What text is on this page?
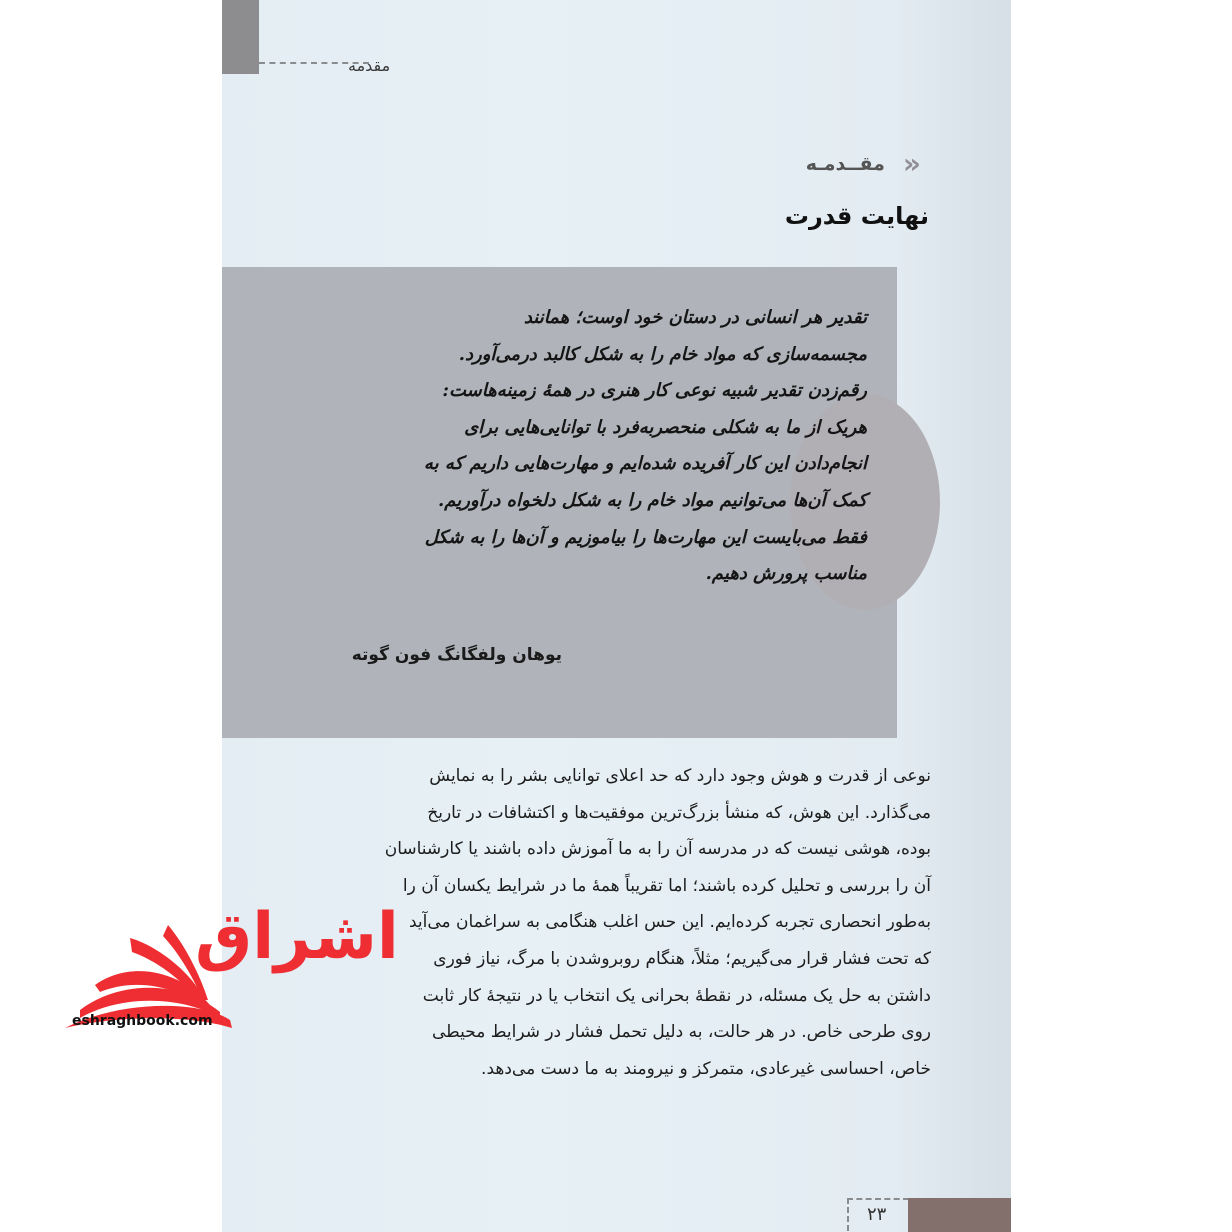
مقدمه
«
مقــدمـه
نهایت قدرت

تقدیر هر انسانی در دستان خود اوست؛ همانند

مجسمه‌سازی که مواد خام را به شکل کالبد درمی‌آورد.

رقم‌زدن تقدیر شبیه نوعی کار هنری در همهٔ زمینه‌هاست:

هریک از ما به شکلی منحصربه‌فرد با توانایی‌هایی برای

انجام‌دادن این کار آفریده شده‌ایم و مهارت‌هایی داریم که به

کمک آن‌ها می‌توانیم مواد خام را به شکل دلخواه درآوریم.

فقط می‌بایست این مهارت‌ها را بیاموزیم و آن‌ها را به شکل

مناسب پرورش دهیم.

یوهان ولفگانگ فون گوته

نوعی از قدرت و هوش وجود دارد که حد اعلای توانایی بشر را به نمایش

می‌گذارد. این هوش، که منشأ بزرگ‌ترین موفقیت‌ها و اکتشافات در تاریخ

بوده، هوشی نیست که در مدرسه آن را به ما آموزش داده باشند یا کارشناسان

آن را بررسی و تحلیل کرده باشند؛ اما تقریباً همهٔ ما در شرایط یکسان آن را

به‌طور انحصاری تجربه کرده‌ایم. این حس اغلب هنگامی به سراغمان می‌آید

که تحت فشار قرار می‌گیریم؛ مثلاً، هنگام روبروشدن با مرگ، نیاز فوری

داشتن به حل یک مسئله، در نقطهٔ بحرانی یک انتخاب یا در نتیجهٔ کار ثابت

روی طرحی خاص. در هر حالت، به دلیل تحمل فشار در شرایط محیطی

خاص، احساسی غیرعادی، متمرکز و نیرومند به ما دست می‌دهد.

۲۳
اشراق
eshraghbook.com
